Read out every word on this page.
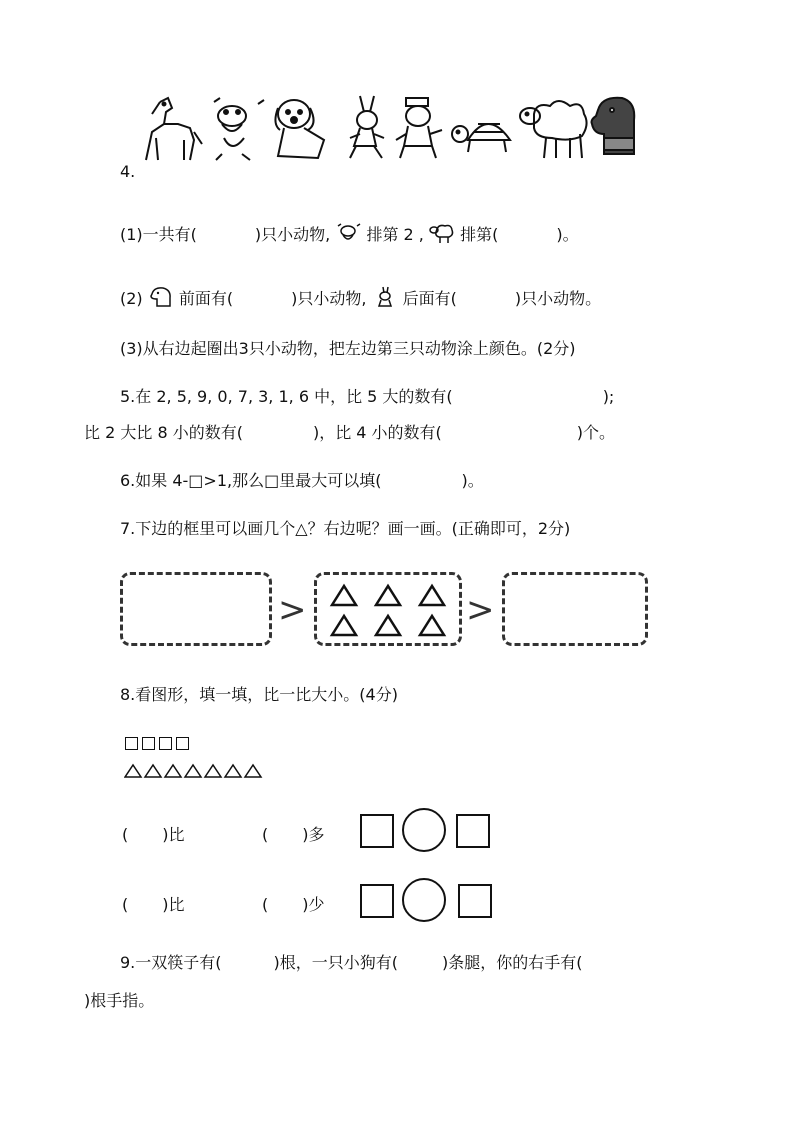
4.
(1)一共有(	)只小动物, 排第 2 , 排第(	)。
(2) 前面有(	)只小动物, 后面有(	)只小动物。
(3)从右边起圈出3只小动物，把左边第三只动物涂上颜色。(2分)
5.在 2, 5, 9, 0, 7, 3, 1, 6 中，比 5 大的数有(	);
比 2 大比 8 小的数有(	)，比 4 小的数有(	)个。
6.如果 4-□>1,那么□里最大可以填(	)。
7.下边的框里可以画几个△？右边呢？画一画。(正确即可，2分)
>	>
8.看图形，填一填，比一比大小。(4分)
( )比	( )多
( )比	( )少
9.一双筷子有(	)根，一只小狗有(	)条腿，你的右手有(
)根手指。
